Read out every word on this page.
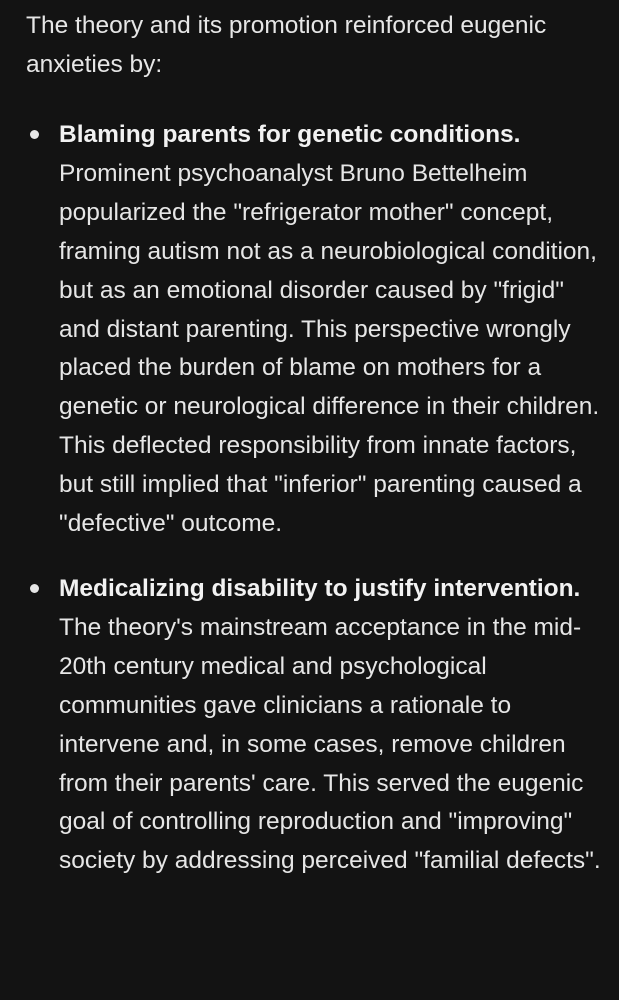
The theory and its promotion reinforced eugenic anxieties by:

Blaming parents for genetic conditions. Prominent psychoanalyst Bruno Bettelheim popularized the "refrigerator mother" concept, framing autism not as a neurobiological condition, but as an emotional disorder caused by "frigid" and distant parenting. This perspective wrongly placed the burden of blame on mothers for a genetic or neurological difference in their children. This deflected responsibility from innate factors, but still implied that "inferior" parenting caused a "defective" outcome.
Medicalizing disability to justify intervention. The theory's mainstream acceptance in the mid-20th century medical and psychological communities gave clinicians a rationale to intervene and, in some cases, remove children from their parents' care. This served the eugenic goal of controlling reproduction and "improving" society by addressing perceived "familial defects".
